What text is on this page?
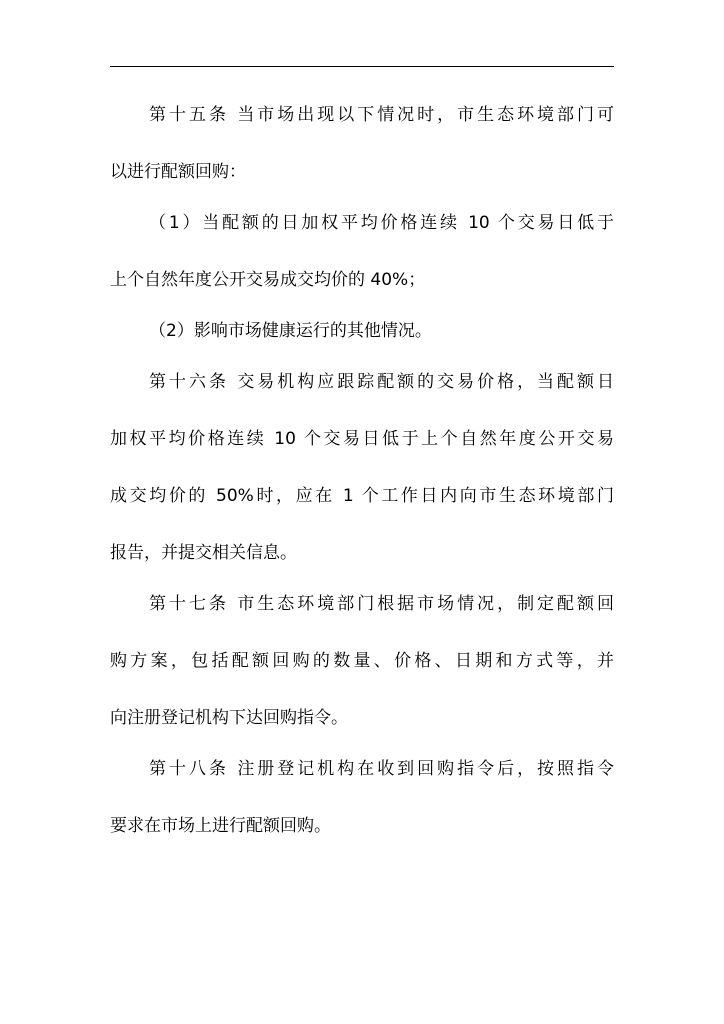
第十五条 当市场出现以下情况时，市生态环境部门可
以进行配额回购：
（1）当配额的日加权平均价格连续 10 个交易日低于
上个自然年度公开交易成交均价的 40%；
（2）影响市场健康运行的其他情况。
第十六条 交易机构应跟踪配额的交易价格，当配额日
加权平均价格连续 10 个交易日低于上个自然年度公开交易
成交均价的 50%时，应在 1 个工作日内向市生态环境部门
报告，并提交相关信息。
第十七条 市生态环境部门根据市场情况，制定配额回
购方案，包括配额回购的数量、价格、日期和方式等，并
向注册登记机构下达回购指令。
第十八条 注册登记机构在收到回购指令后，按照指令
要求在市场上进行配额回购。
